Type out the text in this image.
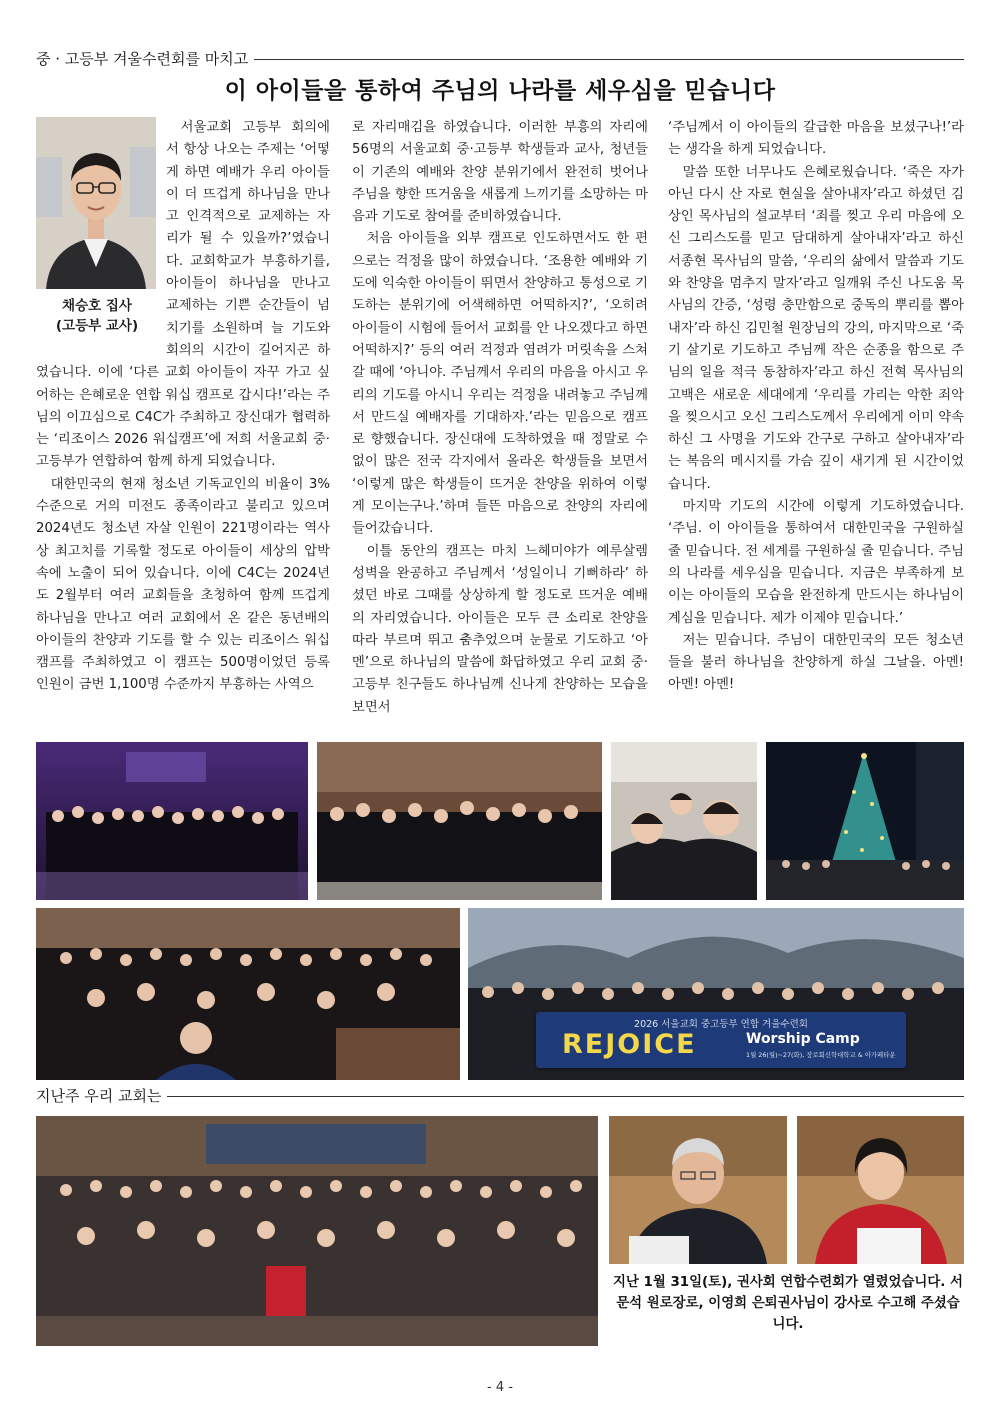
중 · 고등부 겨울수련회를 마치고
이 아이들을 통하여 주님의 나라를 세우심을 믿습니다
채승호 집사
(고등부 교사)

서울교회 고등부 회의에서 항상 나오는 주제는 ‘어떻게 하면 예배가 우리 아이들이 더 뜨겁게 하나님을 만나고 인격적으로 교제하는 자리가 될 수 있을까?’였습니다. 교회학교가 부흥하기를, 아이들이 하나님을 만나고 교제하는 기쁜 순간들이 넘치기를 소원하며 늘 기도와 회의의 시간이 길어지곤 하였습니다. 이에 ‘다른 교회 아이들이 자꾸 가고 싶어하는 은혜로운 연합 워십 캠프로 갑시다!’라는 주님의 이끄심으로 C4C가 주최하고 장신대가 협력하는 ‘리조이스 2026 워십캠프’에 저희 서울교회 중·고등부가 연합하여 함께 하게 되었습니다.

대한민국의 현재 청소년 기독교인의 비율이 3% 수준으로 거의 미전도 종족이라고 불리고 있으며 2024년도 청소년 자살 인원이 221명이라는 역사상 최고치를 기록할 정도로 아이들이 세상의 압박 속에 노출이 되어 있습니다. 이에 C4C는 2024년도 2월부터 여러 교회들을 초청하여 함께 뜨겁게 하나님을 만나고 여러 교회에서 온 같은 동년배의 아이들의 찬양과 기도를 할 수 있는 리조이스 워십캠프를 주최하였고 이 캠프는 500명이었던 등록 인원이 금번 1,100명 수준까지 부흥하는 사역으

로 자리매김을 하였습니다. 이러한 부흥의 자리에 56명의 서울교회 중·고등부 학생들과 교사, 청년들이 기존의 예배와 찬양 분위기에서 완전히 벗어나 주님을 향한 뜨거움을 새롭게 느끼기를 소망하는 마음과 기도로 참여를 준비하였습니다.

처음 아이들을 외부 캠프로 인도하면서도 한 편으로는 걱정을 많이 하였습니다. ‘조용한 예배와 기도에 익숙한 아이들이 뛰면서 찬양하고 통성으로 기도하는 분위기에 어색해하면 어떡하지?’, ‘오히려 아이들이 시험에 들어서 교회를 안 나오겠다고 하면 어떡하지?’ 등의 여러 걱정과 염려가 머릿속을 스쳐갈 때에 ‘아니야. 주님께서 우리의 마음을 아시고 우리의 기도를 아시니 우리는 걱정을 내려놓고 주님께서 만드실 예배자를 기대하자.’라는 믿음으로 캠프로 향했습니다. 장신대에 도착하였을 때 정말로 수없이 많은 전국 각지에서 올라온 학생들을 보면서 ‘이렇게 많은 학생들이 뜨거운 찬양을 위하여 이렇게 모이는구나.’하며 들뜬 마음으로 찬양의 자리에 들어갔습니다.

이틀 동안의 캠프는 마치 느헤미야가 예루살렘 성벽을 완공하고 주님께서 ‘성일이니 기뻐하라’ 하셨던 바로 그때를 상상하게 할 정도로 뜨거운 예배의 자리였습니다. 아이들은 모두 큰 소리로 찬양을 따라 부르며 뛰고 춤추었으며 눈물로 기도하고 ‘아멘’으로 하나님의 말씀에 화답하였고 우리 교회 중·고등부 친구들도 하나님께 신나게 찬양하는 모습을 보면서

‘주님께서 이 아이들의 갈급한 마음을 보셨구나!’라는 생각을 하게 되었습니다.

말씀 또한 너무나도 은혜로웠습니다. ‘죽은 자가 아닌 다시 산 자로 현실을 살아내자’라고 하셨던 김상인 목사님의 설교부터 ‘죄를 찢고 우리 마음에 오신 그리스도를 믿고 담대하게 살아내자’라고 하신 서종현 목사님의 말씀, ‘우리의 삶에서 말씀과 기도와 찬양을 멈추지 말자’라고 일깨워 주신 나도움 목사님의 간증, ‘성령 충만함으로 중독의 뿌리를 뽑아내자’라 하신 김민철 원장님의 강의, 마지막으로 ‘죽기 살기로 기도하고 주님께 작은 순종을 함으로 주님의 일을 적극 동참하자’라고 하신 전혁 목사님의 고백은 새로운 세대에게 ‘우리를 가리는 악한 죄악을 찢으시고 오신 그리스도께서 우리에게 이미 약속하신 그 사명을 기도와 간구로 구하고 살아내자’라는 복음의 메시지를 가슴 깊이 새기게 된 시간이었습니다.

마지막 기도의 시간에 이렇게 기도하였습니다. ‘주님. 이 아이들을 통하여서 대한민국을 구원하실 줄 믿습니다. 전 세계를 구원하실 줄 믿습니다. 주님의 나라를 세우심을 믿습니다. 지금은 부족하게 보이는 아이들의 모습을 완전하게 만드시는 하나님이 계심을 믿습니다. 제가 이제야 믿습니다.’

저는 믿습니다. 주님이 대한민국의 모든 청소년들을 불러 하나님을 찬양하게 하실 그날을. 아멘! 아멘! 아멘!

2026 서울교회 중고등부 연합 겨울수련회
REJOICE	Worship Camp
1월 26(월)~27(화), 장로회신학대학교 & 아가페타운
지난주 우리 교회는
지난 1월 31일(토), 권사회 연합수련회가 열렸었습니다. 서문석 원로장로, 이영희 은퇴권사님이 강사로 수고해 주셨습니다.
- 4 -
